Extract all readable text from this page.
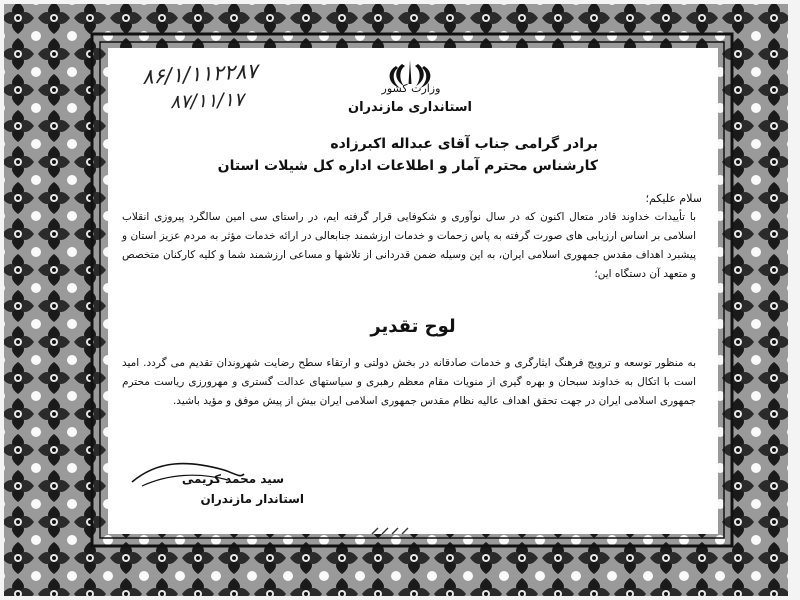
۸۶/۱/۱۱۲۲۸۷
۸۷/۱۱/۱۷
وزارت کشور
استانداری مازندران
برادر گرامی جناب آقای عبداله اکبرزاده
کارشناس محترم آمار و اطلاعات اداره کل شیلات استان
سلام علیکم؛
با تأییدات خداوند قادر متعال اکنون که در سال نوآوری و شکوفایی قرار گرفته ایم، در راستای سی امین سالگرد پیروزی انقلاب اسلامی بر اساس ارزیابی های صورت گرفته به پاس زحمات و خدمات ارزشمند جنابعالی در ارائه خدمات مؤثر به مردم عزیز استان و پیشبرد اهداف مقدس جمهوری اسلامی ایران، به این وسیله ضمن قدردانی از تلاشها و مساعی ارزشمند شما و کلیه کارکنان متخصص و متعهد آن دستگاه این؛
لوح تقدیر
به منظور توسعه و ترویج فرهنگ ایثارگری و خدمات صادقانه در بخش دولتی و ارتقاء سطح رضایت شهروندان تقدیم می گردد. امید است با اتکال به خداوند سبحان و بهره گیری از منویات مقام معظم رهبری و سیاستهای عدالت گستری و مهرورزی ریاست محترم جمهوری اسلامی ایران در جهت تحقق اهداف عالیه نظام مقدس جمهوری اسلامی ایران بیش از پیش موفق و مؤید باشید.
سید محمد کریمی
استاندار مازندران
